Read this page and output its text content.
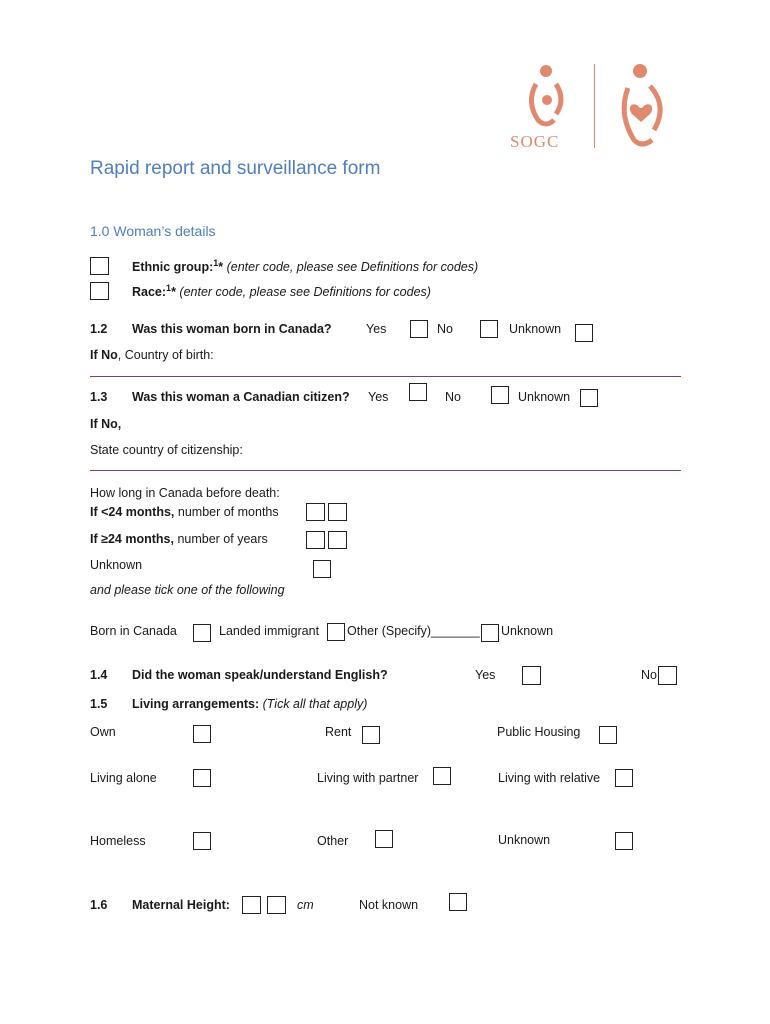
SOGC
Rapid report and surveillance form
1.0 Woman’s details
Ethnic group:$^1$* (enter code, please see Definitions for codes)
Race:$^1$* (enter code, please see Definitions for codes)
1.2 Was this woman born in Canada?	Yes	No	Unknown
If No, Country of birth:
1.3 Was this woman a Canadian citizen? Yes	No	Unknown
If No,
State country of citizenship:
How long in Canada before death:
If <24 months, number of months
If ≥24 months, number of years
Unknown
and please tick one of the following
Born in Canada	Landed immigrant Other (Specify)_______ Unknown
1.4 Did the woman speak/understand English?	Yes	No
1.5 Living arrangements: (Tick all that apply)
Own	Rent	Public Housing
Living alone	Living with partner	Living with relative
Homeless	Other	Unknown
1.6 Maternal Height:	cm	Not known
